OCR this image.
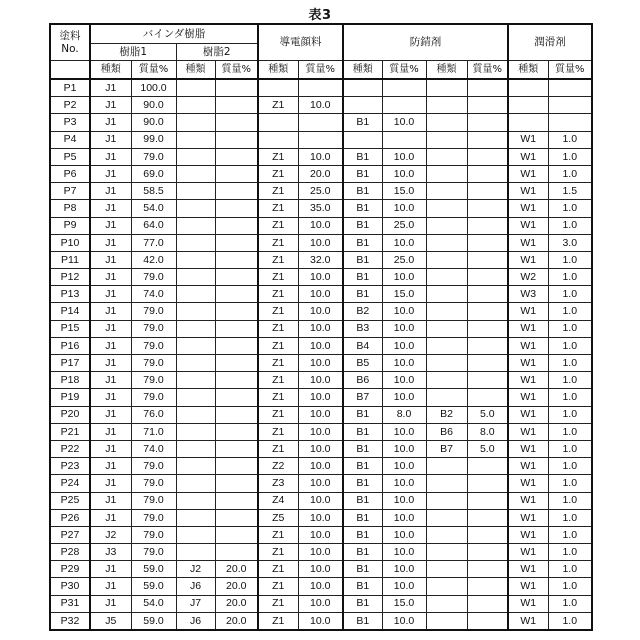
表3
塗料
No.	バインダ樹脂	導電顔料	防錆剤	潤滑剤
樹脂1	樹脂2
	種類	質量%	種類	質量%	種類	質量%	種類	質量%	種類	質量%	種類	質量%
P1	J1	100.0										
P2	J1	90.0			Z1	10.0						
P3	J1	90.0					B1	10.0				
P4	J1	99.0									W1	1.0
P5	J1	79.0			Z1	10.0	B1	10.0			W1	1.0
P6	J1	69.0			Z1	20.0	B1	10.0			W1	1.0
P7	J1	58.5			Z1	25.0	B1	15.0			W1	1.5
P8	J1	54.0			Z1	35.0	B1	10.0			W1	1.0
P9	J1	64.0			Z1	10.0	B1	25.0			W1	1.0
P10	J1	77.0			Z1	10.0	B1	10.0			W1	3.0
P11	J1	42.0			Z1	32.0	B1	25.0			W1	1.0
P12	J1	79.0			Z1	10.0	B1	10.0			W2	1.0
P13	J1	74.0			Z1	10.0	B1	15.0			W3	1.0
P14	J1	79.0			Z1	10.0	B2	10.0			W1	1.0
P15	J1	79.0			Z1	10.0	B3	10.0			W1	1.0
P16	J1	79.0			Z1	10.0	B4	10.0			W1	1.0
P17	J1	79.0			Z1	10.0	B5	10.0			W1	1.0
P18	J1	79.0			Z1	10.0	B6	10.0			W1	1.0
P19	J1	79.0			Z1	10.0	B7	10.0			W1	1.0
P20	J1	76.0			Z1	10.0	B1	8.0	B2	5.0	W1	1.0
P21	J1	71.0			Z1	10.0	B1	10.0	B6	8.0	W1	1.0
P22	J1	74.0			Z1	10.0	B1	10.0	B7	5.0	W1	1.0
P23	J1	79.0			Z2	10.0	B1	10.0			W1	1.0
P24	J1	79.0			Z3	10.0	B1	10.0			W1	1.0
P25	J1	79.0			Z4	10.0	B1	10.0			W1	1.0
P26	J1	79.0			Z5	10.0	B1	10.0			W1	1.0
P27	J2	79.0			Z1	10.0	B1	10.0			W1	1.0
P28	J3	79.0			Z1	10.0	B1	10.0			W1	1.0
P29	J1	59.0	J2	20.0	Z1	10.0	B1	10.0			W1	1.0
P30	J1	59.0	J6	20.0	Z1	10.0	B1	10.0			W1	1.0
P31	J1	54.0	J7	20.0	Z1	10.0	B1	15.0			W1	1.0
P32	J5	59.0	J6	20.0	Z1	10.0	B1	10.0			W1	1.0
